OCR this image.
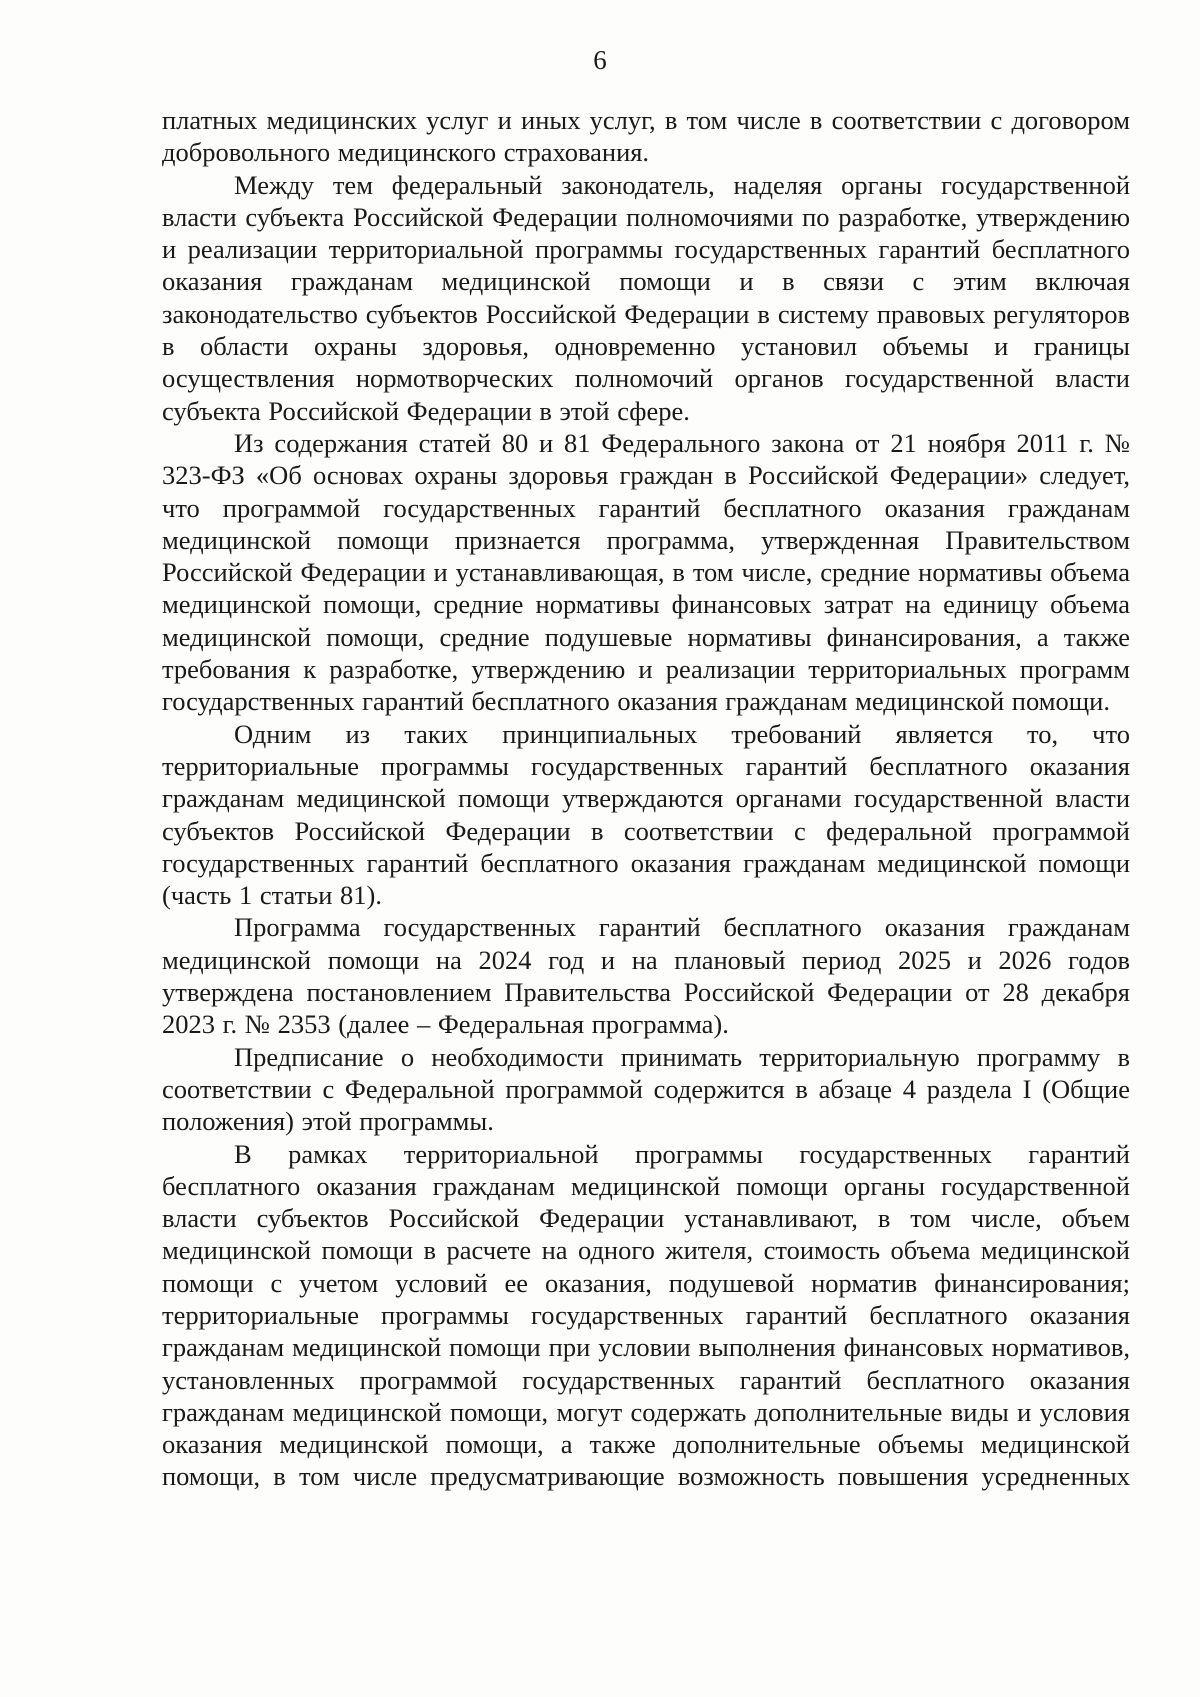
6

платных медицинских услуг и иных услуг, в том числе в соответствии с договором добровольного медицинского страхования.

Между тем федеральный законодатель, наделяя органы государственной власти субъекта Российской Федерации полномочиями по разработке, утверждению и реализации территориальной программы государственных гарантий бесплатного оказания гражданам медицинской помощи и в связи с этим включая законодательство субъектов Российской Федерации в систему правовых регуляторов в области охраны здоровья, одновременно установил объемы и границы осуществления нормотворческих полномочий органов государственной власти субъекта Российской Федерации в этой сфере.

Из содержания статей 80 и 81 Федерального закона от 21 ноября 2011 г. № 323-ФЗ «Об основах охраны здоровья граждан в Российской Федерации» следует, что программой государственных гарантий бесплатного оказания гражданам медицинской помощи признается программа, утвержденная Правительством Российской Федерации и устанавливающая, в том числе, средние нормативы объема медицинской помощи, средние нормативы финансовых затрат на единицу объема медицинской помощи, средние подушевые нормативы финансирования, а также требования к разработке, утверждению и реализации территориальных программ государственных гарантий бесплатного оказания гражданам медицинской помощи.

Одним из таких принципиальных требований является то, что территориальные программы государственных гарантий бесплатного оказания гражданам медицинской помощи утверждаются органами государственной власти субъектов Российской Федерации в соответствии с федеральной программой государственных гарантий бесплатного оказания гражданам медицинской помощи (часть 1 статьи 81).

Программа государственных гарантий бесплатного оказания гражданам медицинской помощи на 2024 год и на плановый период 2025 и 2026 годов утверждена постановлением Правительства Российской Федерации от 28 декабря 2023 г. № 2353 (далее – Федеральная программа).

Предписание о необходимости принимать территориальную программу в соответствии с Федеральной программой содержится в абзаце 4 раздела I (Общие положения) этой программы.

В рамках территориальной программы государственных гарантий бесплатного оказания гражданам медицинской помощи органы государственной власти субъектов Российской Федерации устанавливают, в том числе, объем медицинской помощи в расчете на одного жителя, стоимость объема медицинской помощи с учетом условий ее оказания, подушевой норматив финансирования; территориальные программы государственных гарантий бесплатного оказания гражданам медицинской помощи при условии выполнения финансовых нормативов, установленных программой государственных гарантий бесплатного оказания гражданам медицинской помощи, могут содержать дополнительные виды и условия оказания медицинской помощи, а также дополнительные объемы медицинской помощи, в том числе предусматривающие возможность повышения усредненных
